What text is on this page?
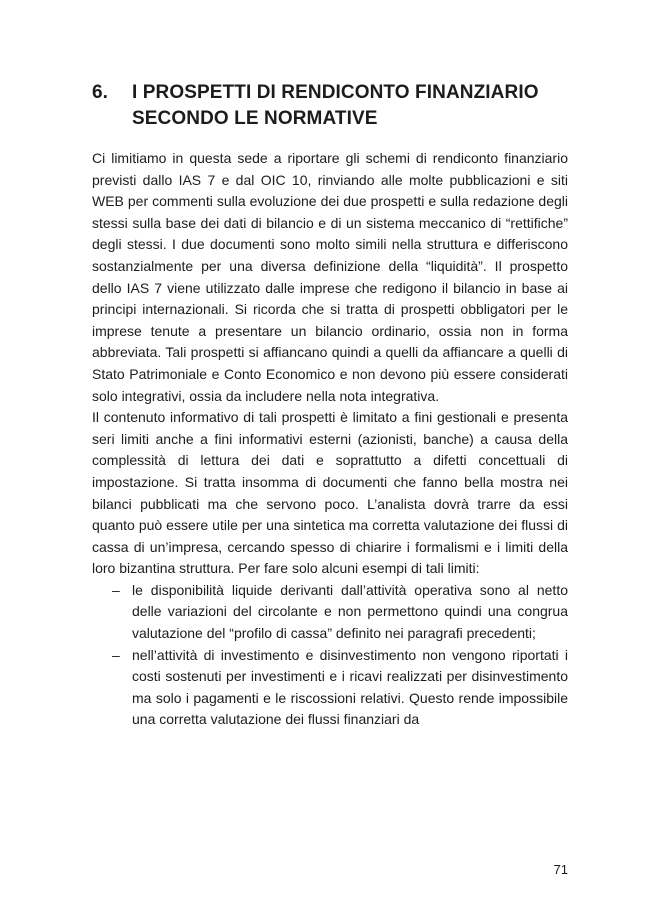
6.	I PROSPETTI DI RENDICONTO FINANZIARIO
SECONDO LE NORMATIVE

Ci limitiamo in questa sede a riportare gli schemi di rendiconto finanziario previsti dallo IAS 7 e dal OIC 10, rinviando alle molte pubblicazioni e siti WEB per commenti sulla evoluzione dei due prospetti e sulla redazione degli stessi sulla base dei dati di bilancio e di un sistema meccanico di “rettifiche” degli stessi. I due documenti sono molto simili nella struttura e differiscono sostanzialmente per una diversa definizione della “liquidità”. Il prospetto dello IAS 7 viene utilizzato dalle imprese che redigono il bilancio in base ai principi internazionali. Si ricorda che si tratta di prospetti obbligatori per le imprese tenute a presentare un bilancio ordinario, ossia non in forma abbreviata. Tali prospetti si affiancano quindi a quelli da affiancare a quelli di Stato Patrimoniale e Conto Economico e non devono più essere considerati solo integrativi, ossia da includere nella nota integrativa.

Il contenuto informativo di tali prospetti è limitato a fini gestionali e presenta seri limiti anche a fini informativi esterni (azionisti, banche) a causa della complessità di lettura dei dati e soprattutto a difetti concettuali di impostazione. Si tratta insomma di documenti che fanno bella mostra nei bilanci pubblicati ma che servono poco. L’analista dovrà trarre da essi quanto può essere utile per una sintetica ma corretta valutazione dei flussi di cassa di un’impresa, cercando spesso di chiarire i formalismi e i limiti della loro bizantina struttura. Per fare solo alcuni esempi di tali limiti:

– le disponibilità liquide derivanti dall’attività operativa sono al netto delle variazioni del circolante e non permettono quindi una congrua valutazione del “profilo di cassa” definito nei paragrafi precedenti;
– nell’attività di investimento e disinvestimento non vengono riportati i costi sostenuti per investimenti e i ricavi realizzati per disinvestimento ma solo i pagamenti e le riscossioni relativi. Questo rende impossibile una corretta valutazione dei flussi finanziari da
71
